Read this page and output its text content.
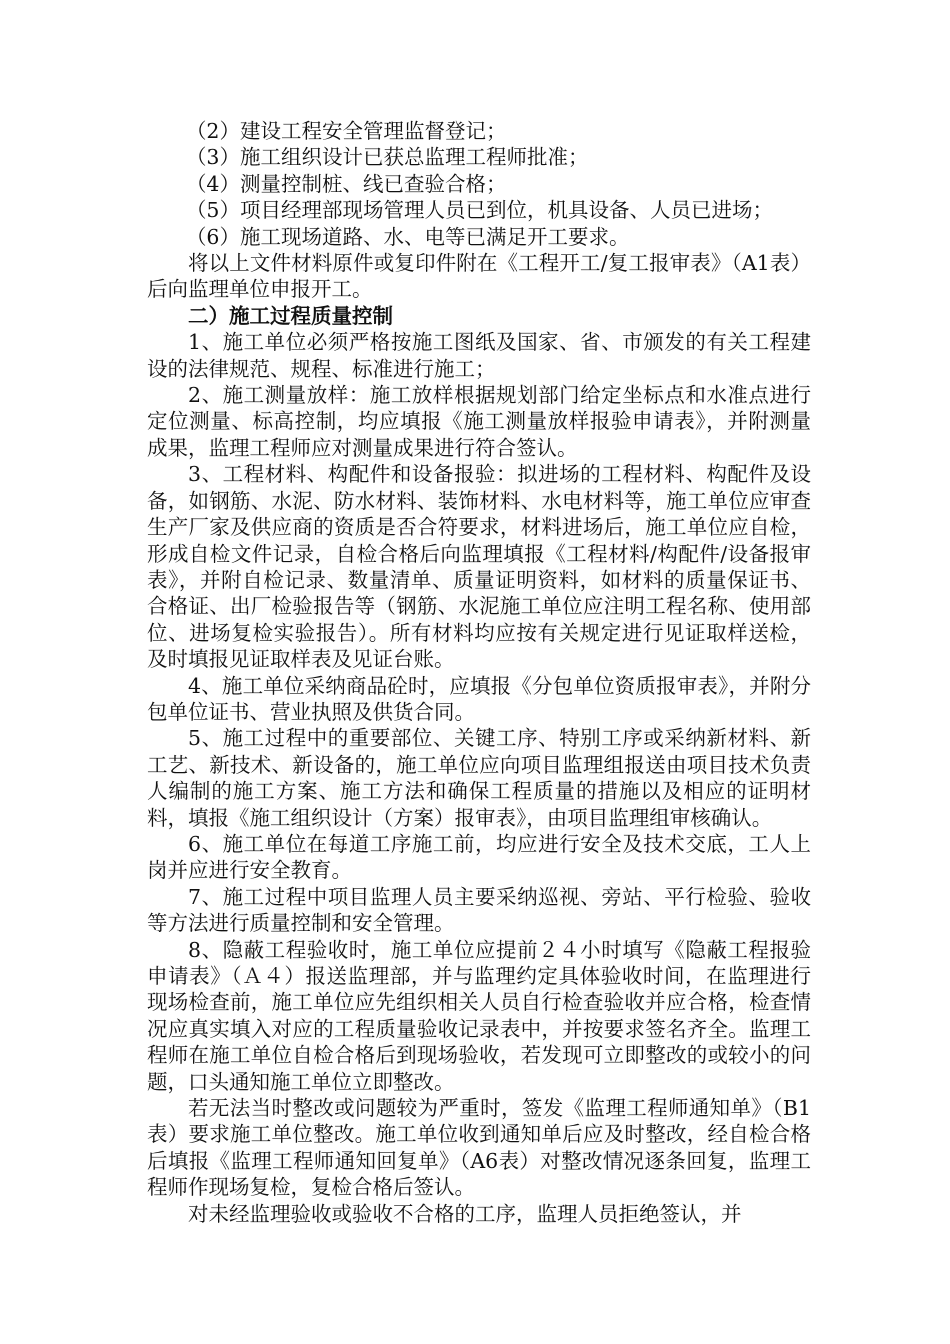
（2）建设工程安全管理监督登记；

（3）施工组织设计已获总监理工程师批准；

（4）测量控制桩、线已查验合格；

（5）项目经理部现场管理人员已到位，机具设备、人员已进场；

（6）施工现场道路、水、电等已满足开工要求。

将以上文件材料原件或复印件附在《工程开工/复工报审表》（A1表）后向监理单位申报开工。

二）施工过程质量控制

1、施工单位必须严格按施工图纸及国家、省、市颁发的有关工程建设的法律规范、规程、标准进行施工；

2、施工测量放样：施工放样根据规划部门给定坐标点和水准点进行定位测量、标高控制，均应填报《施工测量放样报验申请表》，并附测量成果，监理工程师应对测量成果进行符合签认。

3、工程材料、构配件和设备报验：拟进场的工程材料、构配件及设备，如钢筋、水泥、防水材料、装饰材料、水电材料等，施工单位应审查生产厂家及供应商的资质是否合符要求，材料进场后，施工单位应自检，形成自检文件记录，自检合格后向监理填报《工程材料/构配件/设备报审表》，并附自检记录、数量清单、质量证明资料，如材料的质量保证书、合格证、出厂检验报告等（钢筋、水泥施工单位应注明工程名称、使用部位、进场复检实验报告）。所有材料均应按有关规定进行见证取样送检，及时填报见证取样表及见证台账。

4、施工单位采纳商品砼时，应填报《分包单位资质报审表》，并附分包单位证书、营业执照及供货合同。

5、施工过程中的重要部位、关键工序、特别工序或采纳新材料、新工艺、新技术、新设备的，施工单位应向项目监理组报送由项目技术负责人编制的施工方案、施工方法和确保工程质量的措施以及相应的证明材料，填报《施工组织设计（方案）报审表》，由项目监理组审核确认。

6、施工单位在每道工序施工前，均应进行安全及技术交底，工人上岗并应进行安全教育。

7、施工过程中项目监理人员主要采纳巡视、旁站、平行检验、验收等方法进行质量控制和安全管理。

8、隐蔽工程验收时，施工单位应提前２４小时填写《隐蔽工程报验申请表》（Ａ４）报送监理部，并与监理约定具体验收时间，在监理进行现场检查前，施工单位应先组织相关人员自行检查验收并应合格，检查情况应真实填入对应的工程质量验收记录表中，并按要求签名齐全。监理工程师在施工单位自检合格后到现场验收，若发现可立即整改的或较小的问题，口头通知施工单位立即整改。

若无法当时整改或问题较为严重时，签发《监理工程师通知单》（B1表）要求施工单位整改。施工单位收到通知单后应及时整改，经自检合格后填报《监理工程师通知回复单》（A6表）对整改情况逐条回复，监理工程师作现场复检，复检合格后签认。

对未经监理验收或验收不合格的工序，监理人员拒绝签认，并
